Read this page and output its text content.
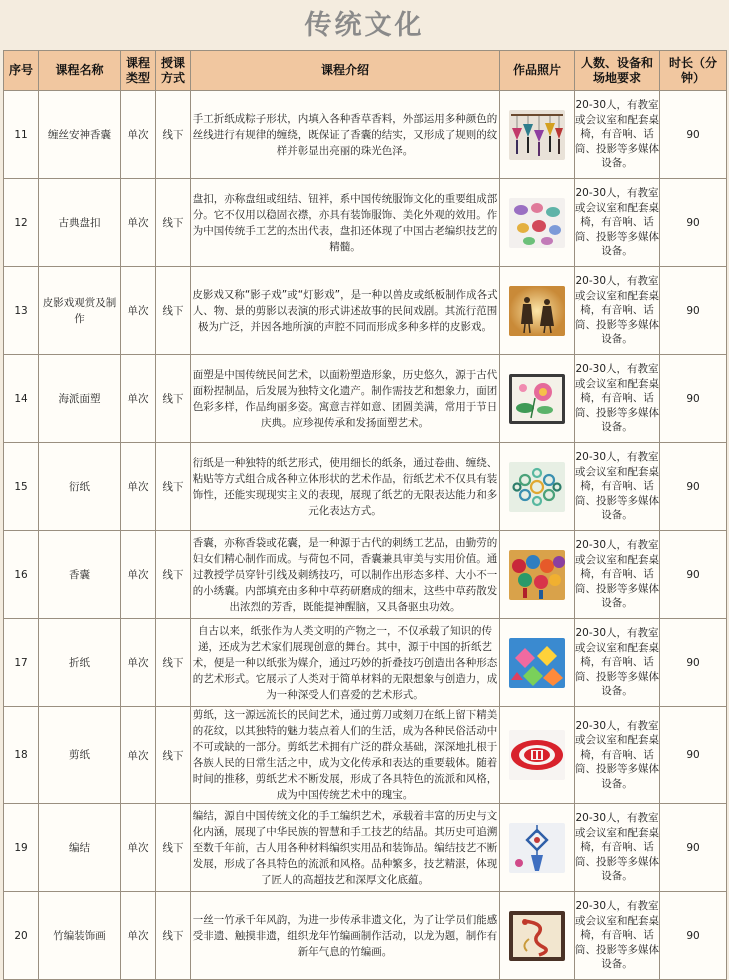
传统文化
序号	课程名称	课程类型	授课方式	课程介绍	作品照片	人数、设备和场地要求	时长（分钟）
11	缠丝安神香囊	单次	线下	手工折纸成粽子形状，内填入各种香草香料，外部运用多种颜色的丝线进行有规律的缠绕，既保证了香囊的结实，又形成了规则的纹样并彰显出亮丽的珠光色泽。		20-30人，有教室或会议室和配套桌椅，有音响、话筒、投影等多媒体设备。	90
12	古典盘扣	单次	线下	盘扣，亦称盘纽或纽结、钮袢，系中国传统服饰文化的重要组成部分。它不仅用以稳固衣襟，亦具有装饰服饰、美化外观的效用。作为中国传统手工艺的杰出代表，盘扣还体现了中国古老编织技艺的精髓。		20-30人，有教室或会议室和配套桌椅，有音响、话筒、投影等多媒体设备。	90
13	皮影戏观赏及制作	单次	线下	皮影戏又称“影子戏”或“灯影戏”，是一种以兽皮或纸板制作成各式人、物、景的剪影以表演的形式讲述故事的民间戏剧。其流行范围极为广泛，并因各地所演的声腔不同而形成多种多样的皮影戏。		20-30人，有教室或会议室和配套桌椅，有音响、话筒、投影等多媒体设备。	90
14	海派面塑	单次	线下	面塑是中国传统民间艺术，以面粉塑造形象，历史悠久，源于古代面粉捏制品，后发展为独特文化遗产。制作需技艺和想象力，面团色彩多样，作品绚丽多姿。寓意吉祥如意、团圆美满，常用于节日庆典。应珍视传承和发扬面塑艺术。		20-30人，有教室或会议室和配套桌椅，有音响、话筒、投影等多媒体设备。	90
15	衍纸	单次	线下	衍纸是一种独特的纸艺形式，使用细长的纸条，通过卷曲、缠绕、粘贴等方式组合成各种立体形状的艺术作品，衍纸艺术不仅具有装饰性，还能实现现实主义的表现，展现了纸艺的无限表达能力和多元化表达方式。		20-30人，有教室或会议室和配套桌椅，有音响、话筒、投影等多媒体设备。	90
16	香囊	单次	线下	香囊，亦称香袋或花囊，是一种源于古代的刺绣工艺品，由勤劳的妇女们精心制作而成。与荷包不同，香囊兼具审美与实用价值。通过教授学员穿针引线及刺绣技巧，可以制作出形态多样、大小不一的小绣囊。内部填充由多种中草药研磨成的细末，这些中草药散发出浓烈的芳香，既能提神醒脑，又具备驱虫功效。		20-30人，有教室或会议室和配套桌椅，有音响、话筒、投影等多媒体设备。	90
17	折纸	单次	线下	自古以来，纸张作为人类文明的产物之一，不仅承载了知识的传递，还成为艺术家们展现创意的舞台。其中，源于中国的折纸艺术，便是一种以纸张为媒介，通过巧妙的折叠技巧创造出各种形态的艺术形式。它展示了人类对于简单材料的无限想象与创造力，成为一种深受人们喜爱的艺术形式。		20-30人，有教室或会议室和配套桌椅，有音响、话筒、投影等多媒体设备。	90
18	剪纸	单次	线下	剪纸，这一源远流长的民间艺术，通过剪刀或刻刀在纸上留下精美的花纹，以其独特的魅力装点着人们的生活，成为各种民俗活动中不可或缺的一部分。剪纸艺术拥有广泛的群众基础，深深地扎根于各族人民的日常生活之中，成为文化传承和表达的重要载体。随着时间的推移，剪纸艺术不断发展，形成了各具特色的流派和风格，成为中国传统艺术中的瑰宝。		20-30人，有教室或会议室和配套桌椅，有音响、话筒、投影等多媒体设备。	90
19	编结	单次	线下	编结，源自中国传统文化的手工编织艺术，承载着丰富的历史与文化内涵，展现了中华民族的智慧和手工技艺的结晶。其历史可追溯至数千年前，古人用各种材料编织实用品和装饰品。编结技艺不断发展，形成了各具特色的流派和风格。品种繁多，技艺精湛，体现了匠人的高超技艺和深厚文化底蕴。		20-30人，有教室或会议室和配套桌椅，有音响、话筒、投影等多媒体设备。	90
20	竹编装饰画	单次	线下	一丝一竹承千年风韵，为进一步传承非遗文化，为了让学员们能感受非遗、触摸非遗，组织龙年竹编画制作活动，以龙为题，制作有新年气息的竹编画。		20-30人，有教室或会议室和配套桌椅，有音响、话筒、投影等多媒体设备。	90
